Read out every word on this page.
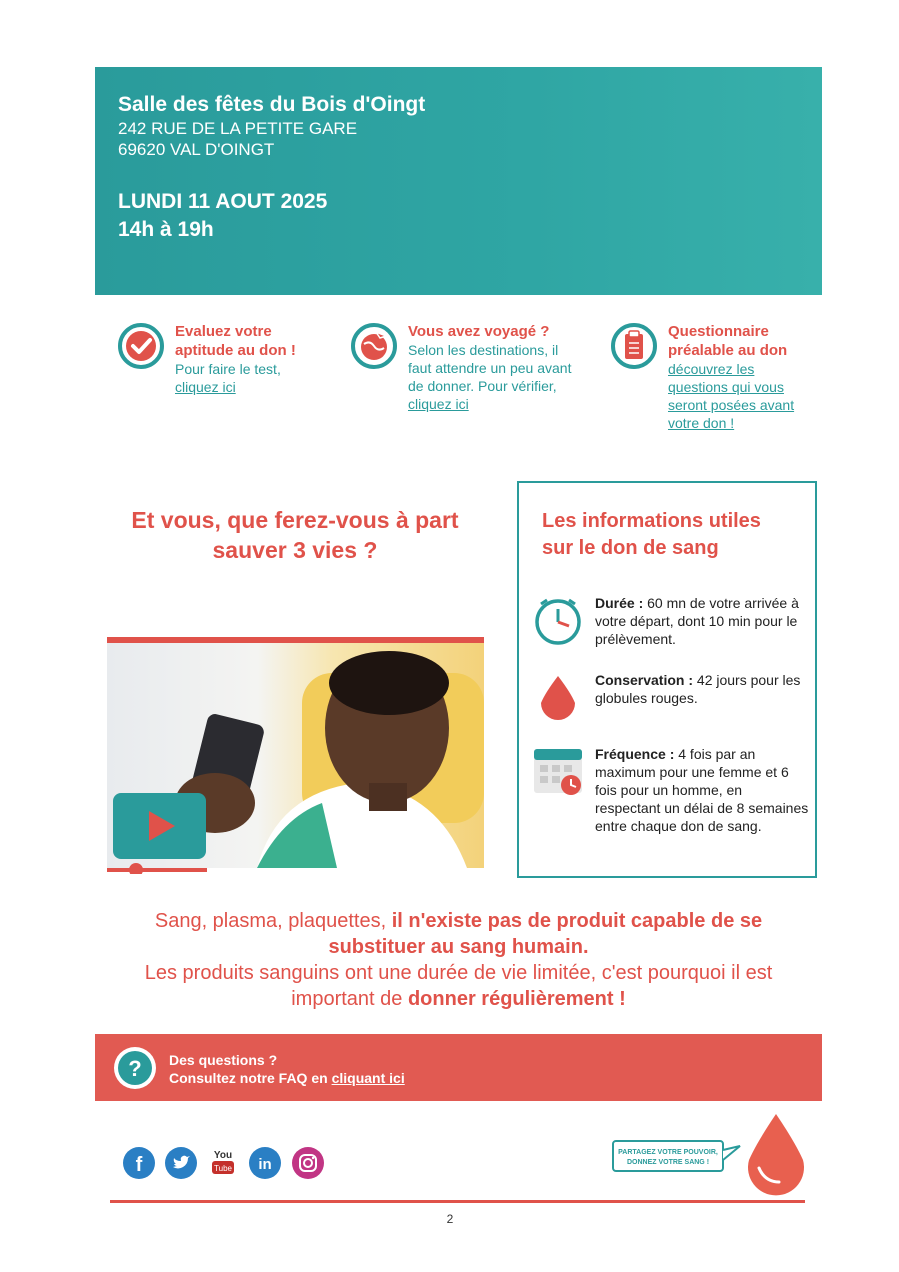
Salle des fêtes du Bois d'Oingt
242 RUE DE LA PETITE GARE
69620 VAL D'OINGT
LUNDI 11 AOUT 2025
14h à 19h
Evaluez votre
aptitude au don !
Pour faire le test,
cliquez ici
Vous avez voyagé ?
Selon les destinations, il
faut attendre un peu avant
de donner. Pour vérifier,
cliquez ici
Questionnaire
préalable au don
découvrez les
questions qui vous
seront posées avant
votre don !
Et vous, que ferez-vous à part
sauver 3 vies ?
Les informations utiles
sur le don de sang
Durée : 60 mn de votre arrivée à votre départ, dont 10 min pour le prélèvement.
Conservation : 42 jours pour les globules rouges.
Fréquence : 4 fois par an maximum pour une femme et 6 fois pour un homme, en respectant un délai de 8 semaines entre chaque don de sang.
Sang, plasma, plaquettes, il n'existe pas de produit capable de se
substituer au sang humain.
Les produits sanguins ont une durée de vie limitée, c'est pourquoi il est
important de donner régulièrement !
? Des questions ?
Consultez notre FAQ en cliquant ici
f	You
Tube in
PARTAGEZ VOTRE POUVOIR,
DONNEZ VOTRE SANG !
2
